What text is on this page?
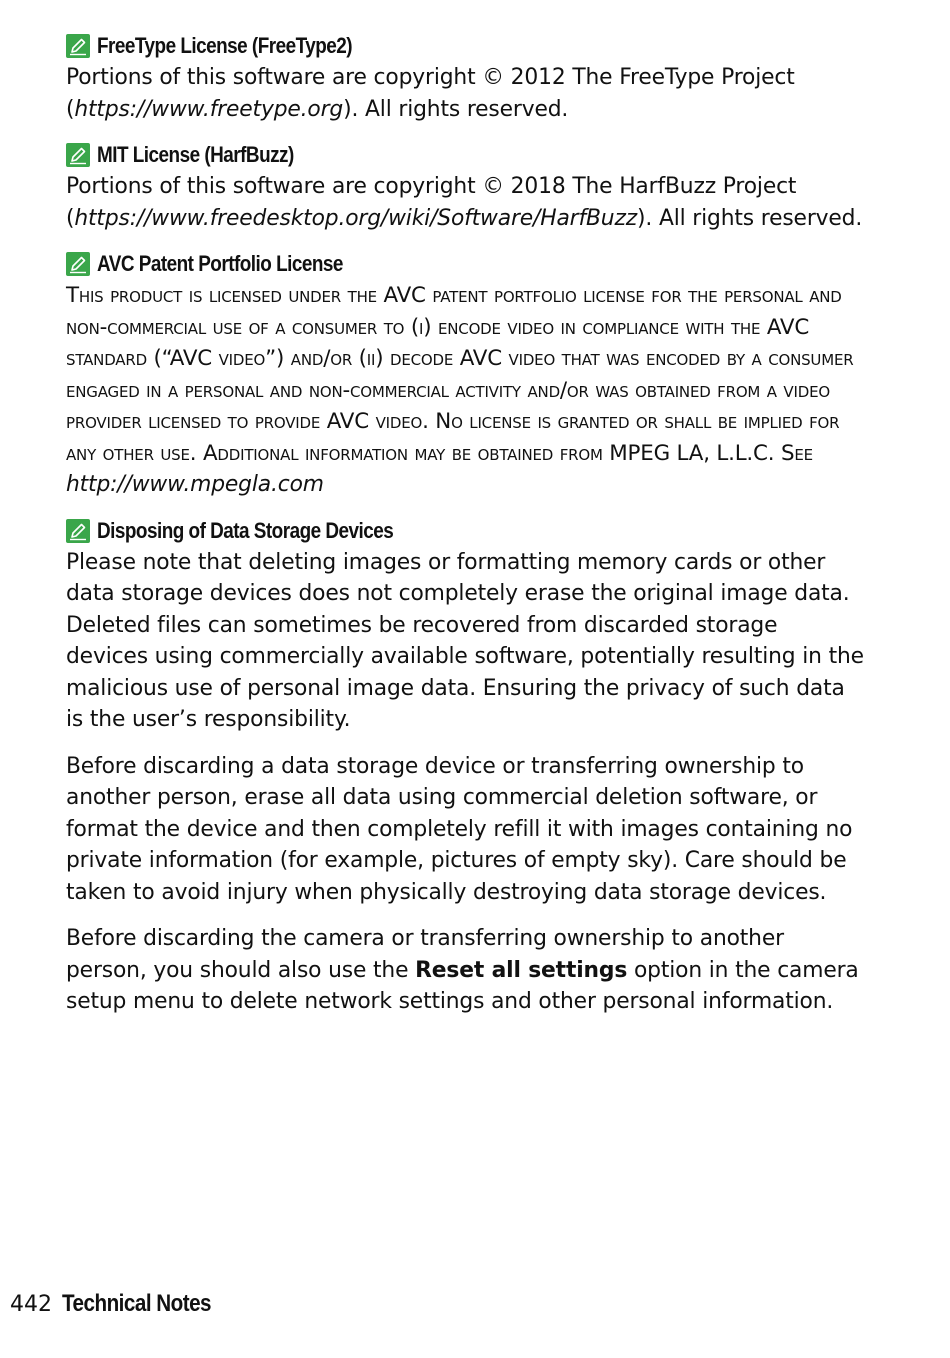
FreeType License (FreeType2)

Portions of this software are copyright © 2012 The FreeType Project (https://www.freetype.org). All rights reserved.

MIT License (HarfBuzz)

Portions of this software are copyright © 2018 The HarfBuzz Project (https://www.freedesktop.org/wiki/Software/HarfBuzz). All rights reserved.

AVC Patent Portfolio License

This product is licensed under the AVC patent portfolio license for the personal and non-commercial use of a consumer to (i) encode video in compliance with the AVC standard (“AVC video”) and/or (ii) decode AVC video that was encoded by a consumer engaged in a personal and non-commercial activity and/or was obtained from a video provider licensed to provide AVC video. No license is granted or shall be implied for any other use. Additional information may be obtained from MPEG LA, L.L.C. See

http://www.mpegla.com

Disposing of Data Storage Devices

Please note that deleting images or formatting memory cards or other data storage devices does not completely erase the original image data. Deleted files can sometimes be recovered from discarded storage devices using commercially available software, potentially resulting in the malicious use of personal image data. Ensuring the privacy of such data is the user’s responsibility.

Before discarding a data storage device or transferring ownership to another person, erase all data using commercial deletion software, or format the device and then completely refill it with images containing no private information (for example, pictures of empty sky). Care should be taken to avoid injury when physically destroying data storage devices.

Before discarding the camera or transferring ownership to another person, you should also use the Reset all settings option in the camera setup menu to delete network settings and other personal information.

442 Technical Notes
